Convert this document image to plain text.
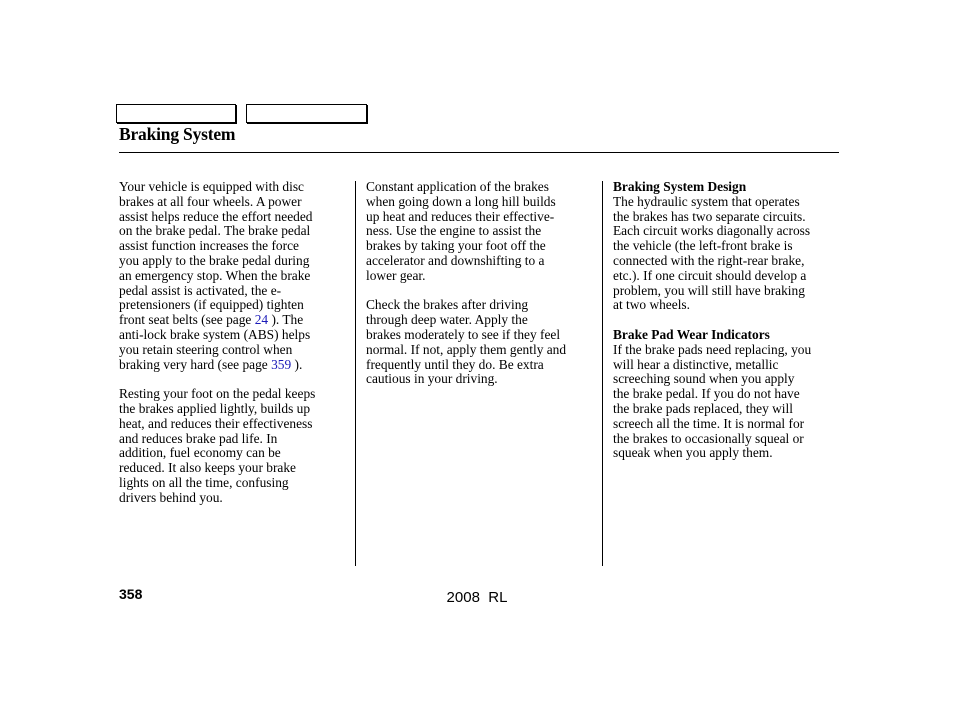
Braking System

Your vehicle is equipped with disc
brakes at all four wheels. A power
assist helps reduce the effort needed
on the brake pedal. The brake pedal
assist function increases the force
you apply to the brake pedal during
an emergency stop. When the brake
pedal assist is activated, the e-
pretensioners (if equipped) tighten
front seat belts (see page 24 ). The
anti-lock brake system (ABS) helps
you retain steering control when
braking very hard (see page 359 ).

Resting your foot on the pedal keeps
the brakes applied lightly, builds up
heat, and reduces their effectiveness
and reduces brake pad life. In
addition, fuel economy can be
reduced. It also keeps your brake
lights on all the time, confusing
drivers behind you.

Constant application of the brakes
when going down a long hill builds
up heat and reduces their effective-
ness. Use the engine to assist the
brakes by taking your foot off the
accelerator and downshifting to a
lower gear.

Check the brakes after driving
through deep water. Apply the
brakes moderately to see if they feel
normal. If not, apply them gently and
frequently until they do. Be extra
cautious in your driving.

Braking System Design
The hydraulic system that operates
the brakes has two separate circuits.
Each circuit works diagonally across
the vehicle (the left-front brake is
connected with the right-rear brake,
etc.). If one circuit should develop a
problem, you will still have braking
at two wheels.

Brake Pad Wear Indicators
If the brake pads need replacing, you
will hear a distinctive, metallic
screeching sound when you apply
the brake pedal. If you do not have
the brake pads replaced, they will
screech all the time. It is normal for
the brakes to occasionally squeal or
squeak when you apply them.

358	2008  RL
